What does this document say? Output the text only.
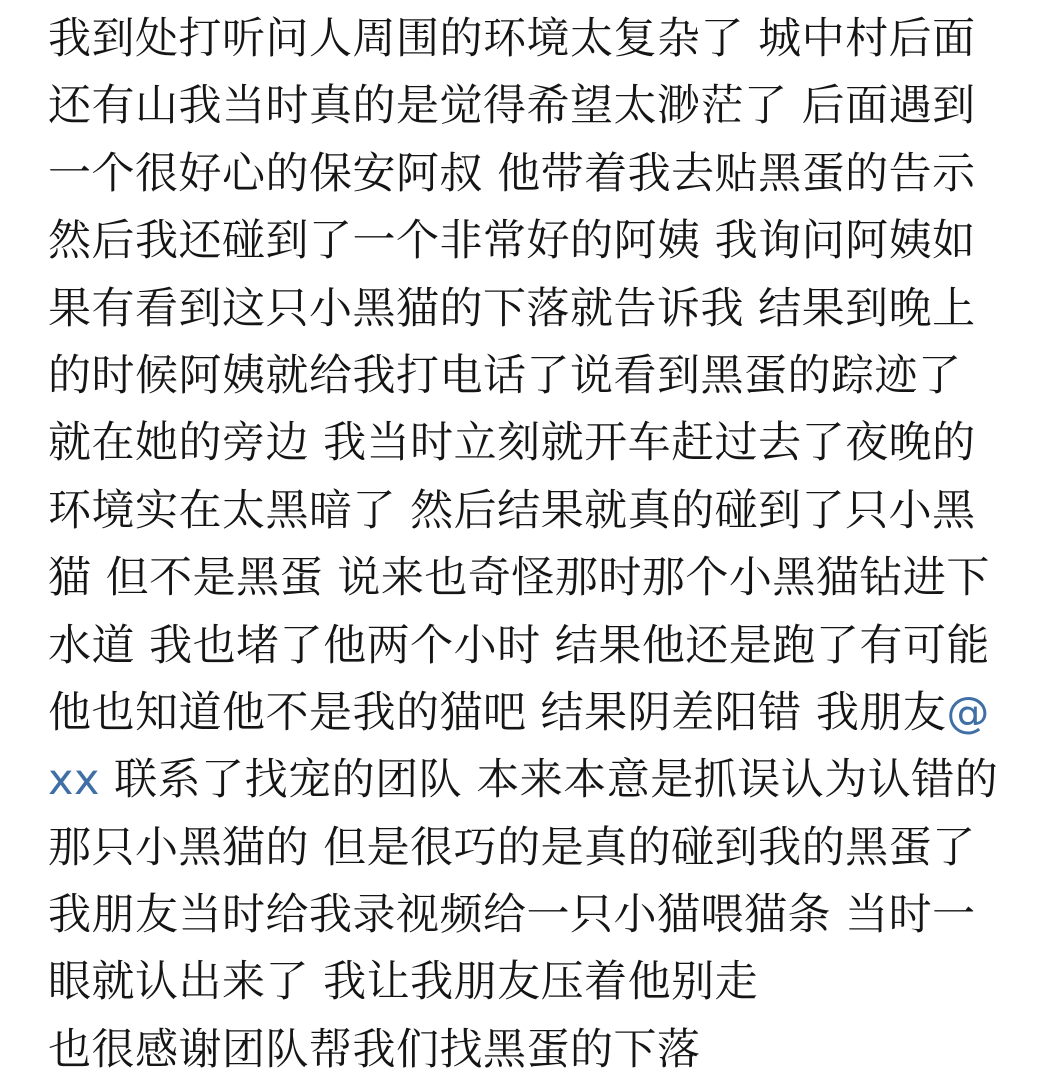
我到处打听问人周围的环境太复杂了 城中村后面
还有山我当时真的是觉得希望太渺茫了 后面遇到
一个很好心的保安阿叔 他带着我去贴黑蛋的告示
然后我还碰到了一个非常好的阿姨 我询问阿姨如
果有看到这只小黑猫的下落就告诉我 结果到晚上
的时候阿姨就给我打电话了说看到黑蛋的踪迹了
就在她的旁边 我当时立刻就开车赶过去了夜晚的
环境实在太黑暗了 然后结果就真的碰到了只小黑
猫 但不是黑蛋 说来也奇怪那时那个小黑猫钻进下
水道 我也堵了他两个小时 结果他还是跑了有可能
他也知道他不是我的猫吧 结果阴差阳错 我朋友@
xx 联系了找宠的团队 本来本意是抓误认为认错的
那只小黑猫的 但是很巧的是真的碰到我的黑蛋了
我朋友当时给我录视频给一只小猫喂猫条 当时一
眼就认出来了 我让我朋友压着他别走
也很感谢团队帮我们找黑蛋的下落
